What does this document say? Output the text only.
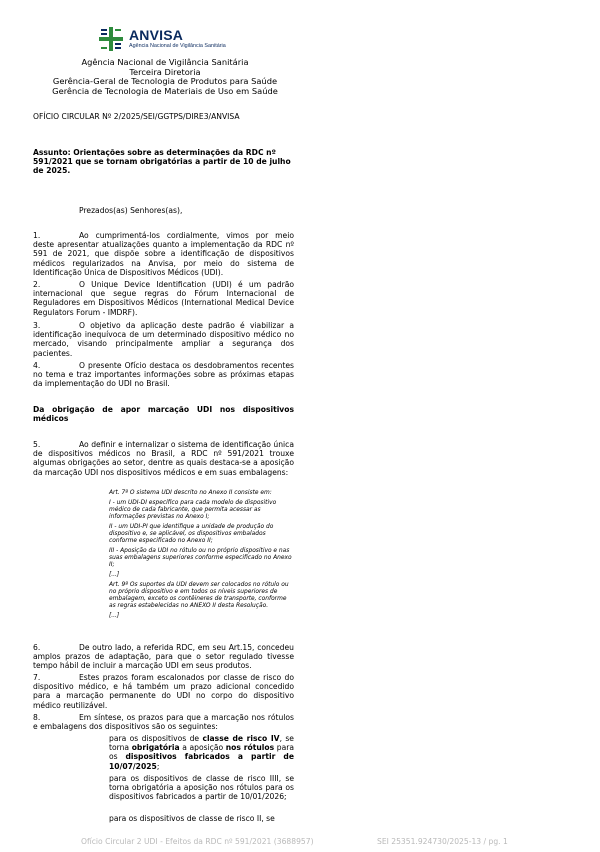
ANVISA
Agência Nacional de Vigilância Sanitária
Agência Nacional de Vigilância Sanitária
Terceira Diretoria
Gerência-Geral de Tecnologia de Produtos para Saúde
Gerência de Tecnologia de Materiais de Uso em Saúde
OFÍCIO CIRCULAR Nº 2/2025/SEI/GGTPS/DIRE3/ANVISA
Assunto: Orientações sobre as determinações da RDC nº 591/2021 que se tornam obrigatórias a partir de 10 de julho de 2025.
Prezados(as) Senhores(as),
1.	Ao cumprimentá-los cordialmente, vimos por meio deste apresentar atualizações quanto a implementação da RDC nº 591 de 2021, que dispõe sobre a identificação de dispositivos médicos regularizados na Anvisa, por meio do sistema de Identificação Única de Dispositivos Médicos (UDI).
2.	O Unique Device Identification (UDI) é um padrão internacional que segue regras do Fórum Internacional de Reguladores em Dispositivos Médicos (International Medical Device Regulators Forum - IMDRF).
3.	O objetivo da aplicação deste padrão é viabilizar a identificação inequívoca de um determinado dispositivo médico no mercado, visando principalmente ampliar a segurança dos pacientes.
4.	O presente Ofício destaca os desdobramentos recentes no tema e traz importantes informações sobre as próximas etapas da implementação do UDI no Brasil.
Da obrigação de apor marcação UDI nos dispositivos médicos
5.	Ao definir e internalizar o sistema de identificação única de dispositivos médicos no Brasil, a RDC nº 591/2021 trouxe algumas obrigações ao setor, dentre as quais destaca-se a aposição da marcação UDI nos dispositivos médicos e em suas embalagens:

Art. 7º O sistema UDI descrito no Anexo II consiste em:

I - um UDI-DI específico para cada modelo de dispositivo médico de cada fabricante, que permita acessar as informações previstas no Anexo I;

II - um UDI-PI que identifique a unidade de produção do dispositivo e, se aplicável, os dispositivos embalados conforme especificado no Anexo II;

III - Aposição da UDI no rótulo ou no próprio dispositivo e nas suas embalagens superiores conforme especificado no Anexo II;

[...]

Art. 9º Os suportes da UDI devem ser colocados no rótulo ou no próprio dispositivo e em todos os níveis superiores de embalagem, exceto os contêineres de transporte, conforme as regras estabelecidas no ANEXO II desta Resolução.

[...]

6.	De outro lado, a referida RDC, em seu Art.15, concedeu amplos prazos de adaptação, para que o setor regulado tivesse tempo hábil de incluir a marcação UDI em seus produtos.
7.	Estes prazos foram escalonados por classe de risco do dispositivo médico, e há também um prazo adicional concedido para a marcação permanente do UDI no corpo do dispositivo médico reutilizável.
8.	Em síntese, os prazos para que a marcação nos rótulos e embalagens dos dispositivos são os seguintes:
para os dispositivos de classe de risco IV, se torna obrigatória a aposição nos rótulos para os dispositivos fabricados a partir de 10/07/2025;
para os dispositivos de classe de risco IIII, se torna obrigatória a aposição nos rótulos para os dispositivos fabricados a partir de 10/01/2026;
para os dispositivos de classe de risco II, se
Ofício Circular 2 UDI - Efeitos da RDC nº 591/2021 (3688957)	SEI 25351.924730/2025-13 / pg. 1
